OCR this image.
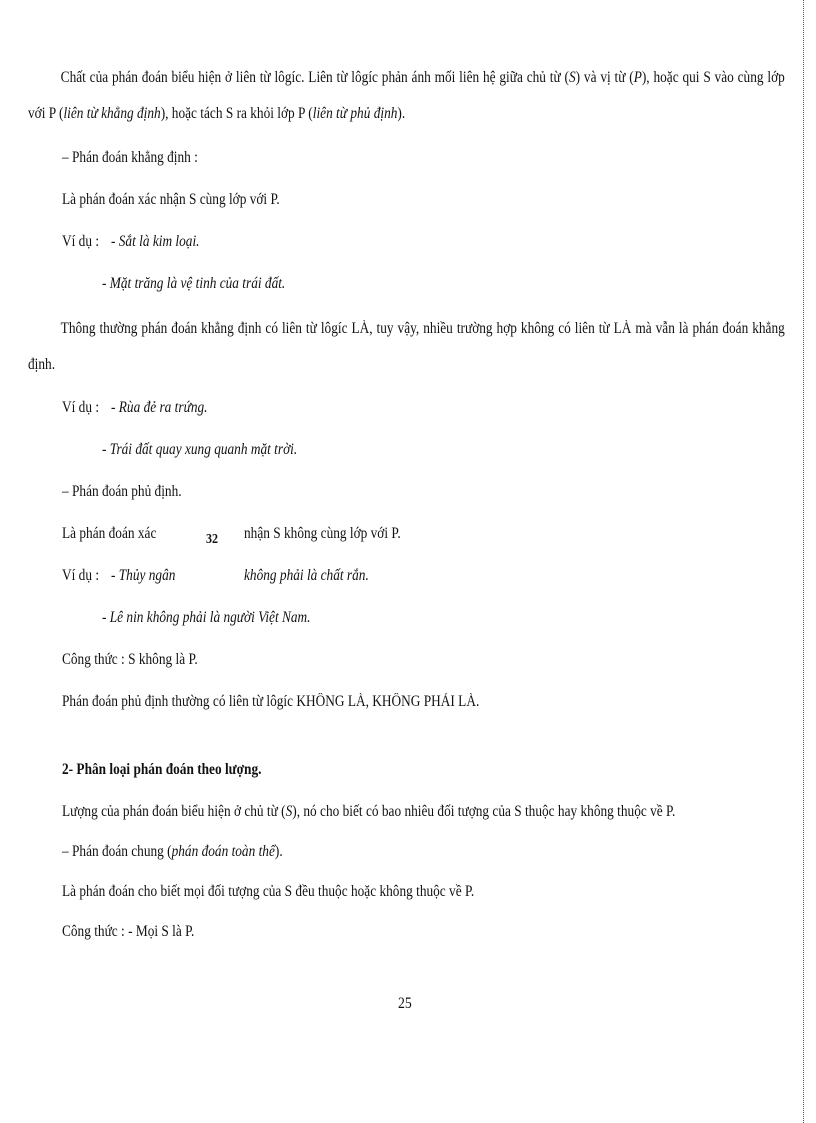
Chất của phán đoán biểu hiện ở liên từ lôgíc. Liên từ lôgíc phản ánh mối liên hệ giữa chủ từ (S) và vị từ (P), hoặc qui S vào cùng lớp với P (liên từ khẳng định), hoặc tách S ra khỏi lớp P (liên từ phủ định).
– Phán đoán khẳng định :
Là phán đoán xác nhận S cùng lớp với P.
Ví dụ : - Sắt là kim loại.
- Mặt trăng là vệ tinh của trái đất.
Thông thường phán đoán khẳng định có liên từ lôgíc LÀ, tuy vậy, nhiều trường hợp không có liên từ LÀ mà vẫn là phán đoán khẳng định.
Ví dụ : - Rùa đẻ ra trứng.
- Trái đất quay xung quanh mặt trời.
– Phán đoán phủ định.
Là phán đoán xác	32 nhận S không cùng lớp với P.
Ví dụ : - Thủy ngân	không phải là chất rắn.
- Lê nin không phải là người Việt Nam.
Công thức : S không là P.
Phán đoán phủ định thường có liên từ lôgíc KHÔNG LÀ, KHÔNG PHẢI LÀ.
2- Phân loại phán đoán theo lượng.
Lượng của phán đoán biểu hiện ở chủ từ (S), nó cho biết có bao nhiêu đối tượng của S thuộc hay không thuộc về P.
– Phán đoán chung (phán đoán toàn thể).
Là phán đoán cho biết mọi đối tượng của S đều thuộc hoặc không thuộc về P.
Công thức : - Mọi S là P.
25
